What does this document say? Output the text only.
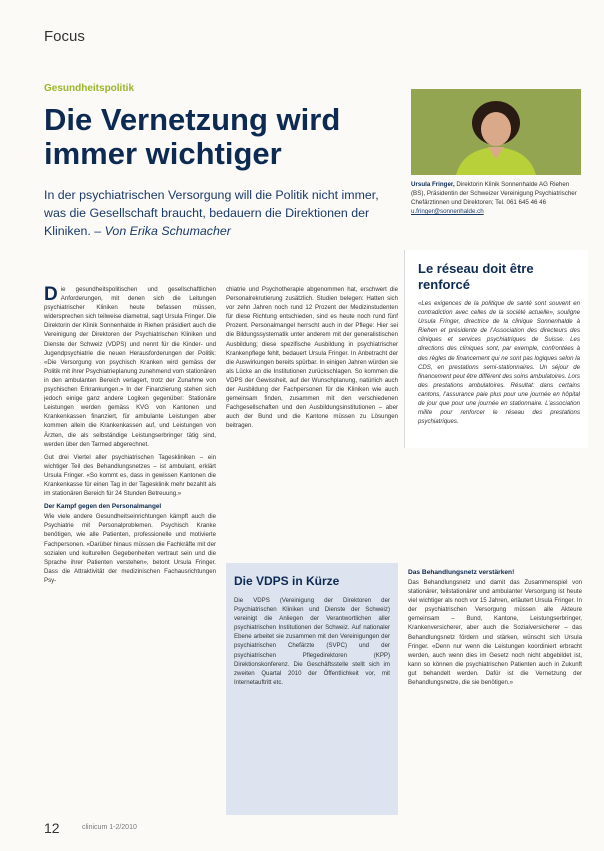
Focus
Gesundheitspolitik
Die Vernetzung wird immer wichtiger

In der psychiatrischen Versorgung will die Politik nicht immer, was die Gesellschaft braucht, bedauern die Direktionen der Kliniken. – Von Erika Schumacher

Ursula Fringer, Direktorin Klinik Sonnenhalde AG Riehen (BS), Präsidentin der Schweizer Vereinigung Psychiatrischer Chefärztinnen und Direktoren; Tel. 061 645 46 46
u.fringer@sonnenhalde.ch

Die gesundheitspolitischen und gesellschaftlichen Anforderungen, mit denen sich die Leitungen psychiatrischer Kliniken heute befassen müssen, widersprechen sich teilweise diametral, sagt Ursula Fringer. Die Direktorin der Klinik Sonnenhalde in Riehen präsidiert auch die Vereinigung der Direktoren der Psychiatrischen Kliniken und Dienste der Schweiz (VDPS) und nennt für die Kinder- und Jugendpsychiatrie die neuen Herausforderungen der Politik: «Die Versorgung von psychisch Kranken wird gemäss der Politik mit ihrer Psychiatrieplanung zunehmend vom stationären in den ambulanten Bereich verlagert, trotz der Zunahme von psychischen Erkrankungen.» In der Finanzierung stehen sich jedoch einige ganz andere Logiken gegenüber: Stationäre Leistungen werden gemäss KVG von Kantonen und Krankenkassen finanziert, für ambulante Leistungen aber kommen allein die Krankenkassen auf, und Leistungen von Ärzten, die als selbständige Leistungserbringer tätig sind, werden über den Tarmed abgerechnet.

Gut drei Viertel aller psychiatrischen Tageskliniken – ein wichtiger Teil des Behandlungsnetzes – ist ambulant, erklärt Ursula Fringer. «So kommt es, dass in gewissen Kantonen die Krankenkasse für einen Tag in der Tagesklinik mehr bezahlt als im stationären Bereich für 24 Stunden Betreuung.»

Der Kampf gegen den Personalmangel

Wie viele andere Gesundheitseinrichtungen kämpft auch die Psychiatrie mit Personalproblemen. Psychisch Kranke benötigen, wie alle Patienten, professionelle und motivierte Fachpersonen. «Darüber hinaus müssen die Fachkräfte mit der sozialen und kulturellen Gegebenheiten vertraut sein und die Sprache ihrer Patienten verstehen», betont Ursula Fringer. Dass die Attraktivität der medizinischen Fachausrichtungen Psy-

chiatrie und Psychotherapie abgenommen hat, erschwert die Personalrekrutierung zusätzlich. Studien belegen: Hatten sich vor zehn Jahren noch rund 12 Prozent der Medizinstudenten für diese Richtung entschieden, sind es heute noch rund fünf Prozent. Personalmangel herrscht auch in der Pflege: Hier sei die Bildungssystematik unter anderem mit der generalistischen Ausbildung; diese spezifische Ausbildung in psychiatrischer Krankenpflege fehlt, bedauert Ursula Fringer. In Anbetracht der die Auswirkungen bereits spürbar. In einigen Jahren würden sie als Lücke an die Institutionen zurückschlagen. So kommen die VDPS der Gewissheit, auf der Wunschplanung, natürlich auch der Ausbildung der Fachpersonen für die Kliniken wie auch gemeinsam finden, zusammen mit den verschiedenen Fachgesellschaften und den Ausbildungsinstitutionen – aber auch der Bund und die Kantone müssen zu Lösungen beitragen.

Le réseau doit être renforcé

«Les exigences de la politique de santé sont souvent en contradiction avec celles de la société actuelle», souligne Ursula Fringer, directrice de la clinique Sonnenhalde à Riehen et présidente de l’Association des directeurs des cliniques et services psychiatriques de Suisse. Les directions des cliniques sont, par exemple, confrontées à des règles de financement qui ne sont pas logiques selon la CDS, en prestations semi-stationnaires. Un séjour de financement peut être différent des soins ambulatoires. Lors des prestations ambulatoires. Résultat: dans certains cantons, l’assurance paie plus pour une journée en hôpital de jour que pour une journée en stationnaire. L’association milite pour renforcer le réseau des prestations psychiatriques.

Die VDPS in Kürze

Die VDPS (Vereinigung der Direktoren der Psychiatrischen Kliniken und Dienste der Schweiz) vereinigt die Anliegen der Verantwortlichen aller psychiatrischen Institutionen der Schweiz. Auf nationaler Ebene arbeitet sie zusammen mit den Vereinigungen der psychiatrischen Chefärzte (SVPC) und der psychiatrischen Pflegedirektoren (KPP) Direktionskonferenz. Die Geschäftsstelle stellt sich im zweiten Quartal 2010 der Öffentlichkeit vor, mit Internetauftritt etc.

Das Behandlungsnetz verstärken!

Das Behandlungsnetz und damit das Zusammenspiel von stationärer, teilstationärer und ambulanter Versorgung ist heute viel wichtiger als noch vor 15 Jahren, erläutert Ursula Fringer. In der psychiatrischen Versorgung müssen alle Akteure gemeinsam – Bund, Kantone, Leistungserbringer, Krankenversicherer, aber auch die Sozialversicherer – das Behandlungsnetz fördern und stärken, wünscht sich Ursula Fringer. «Denn nur wenn die Leistungen koordiniert erbracht werden, auch wenn dies im Gesetz noch nicht abgebildet ist, kann so können die psychiatrischen Patienten auch in Zukunft gut behandelt werden. Dafür ist die Vernetzung der Behandlungsnetze, die sie benötigen.»

12	clinicum 1-2/2010
